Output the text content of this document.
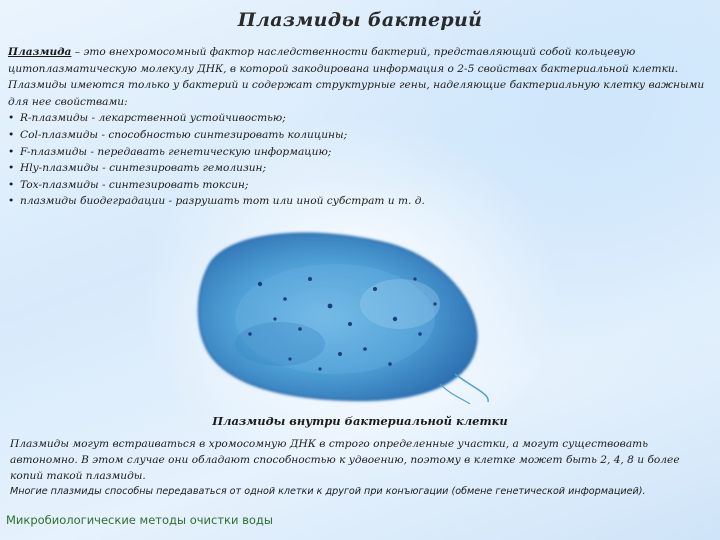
Плазмиды бактерий

Плазмида – это внехромосомный фактор наследственности бактерий, представляющий собой кольцевую цитоплазматическую молекулу ДНК, в которой закодирована информация о 2-5 свойствах бактериальной клетки.

Плазмиды имеются только у бактерий и содержат структурные гены, наделяющие бактериальную клетку важными для нее свойствами:

• R-плазмиды - лекарственной устойчивостью;
• Col-плазмиды - способностью синтезировать колицины;
• F-плазмиды - передавать генетическую информацию;
• Hly-плазмиды - синтезировать гемолизин;
• Tox-плазмиды - синтезировать токсин;
• плазмиды биодеградации - разрушать тот или иной субстрат и т. д.
Плазмиды внутри бактериальной клетки

Плазмиды могут встраиваться в хромосомную ДНК в строго определенные участки, а могут существовать автономно. В этом случае они обладают способностью к удвоению, поэтому в клетке может быть 2, 4, 8 и более копий такой плазмиды.

Многие плазмиды способны передаваться от одной клетки к другой при конъюгации (обмене генетической информацией).

Микробиологические методы очистки воды
